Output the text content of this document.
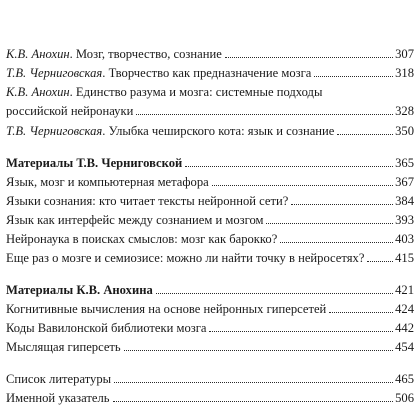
К.В. Анохин. Мозг, творчество, сознание	307
Т.В. Черниговская. Творчество как предназначение мозга	318
К.В. Анохин. Единство разума и мозга: системные подходы
российской нейронауки	328
Т.В. Черниговская. Улыбка чеширского кота: язык и сознание	350
Материалы Т.В. Черниговской	365
Язык, мозг и компьютерная метафора	367
Языки сознания: кто читает тексты нейронной сети?	384
Язык как интерфейс между сознанием и мозгом	393
Нейронаука в поисках смыслов: мозг как барокко?	403
Еще раз о мозге и семиозисе: можно ли найти точку в нейросетях? 415
Материалы К.В. Анохина	421
Когнитивные вычисления на основе нейронных гиперсетей	424
Коды Вавилонской библиотеки мозга	442
Мыслящая гиперсеть	454
Список литературы	465
Именной указатель	506
